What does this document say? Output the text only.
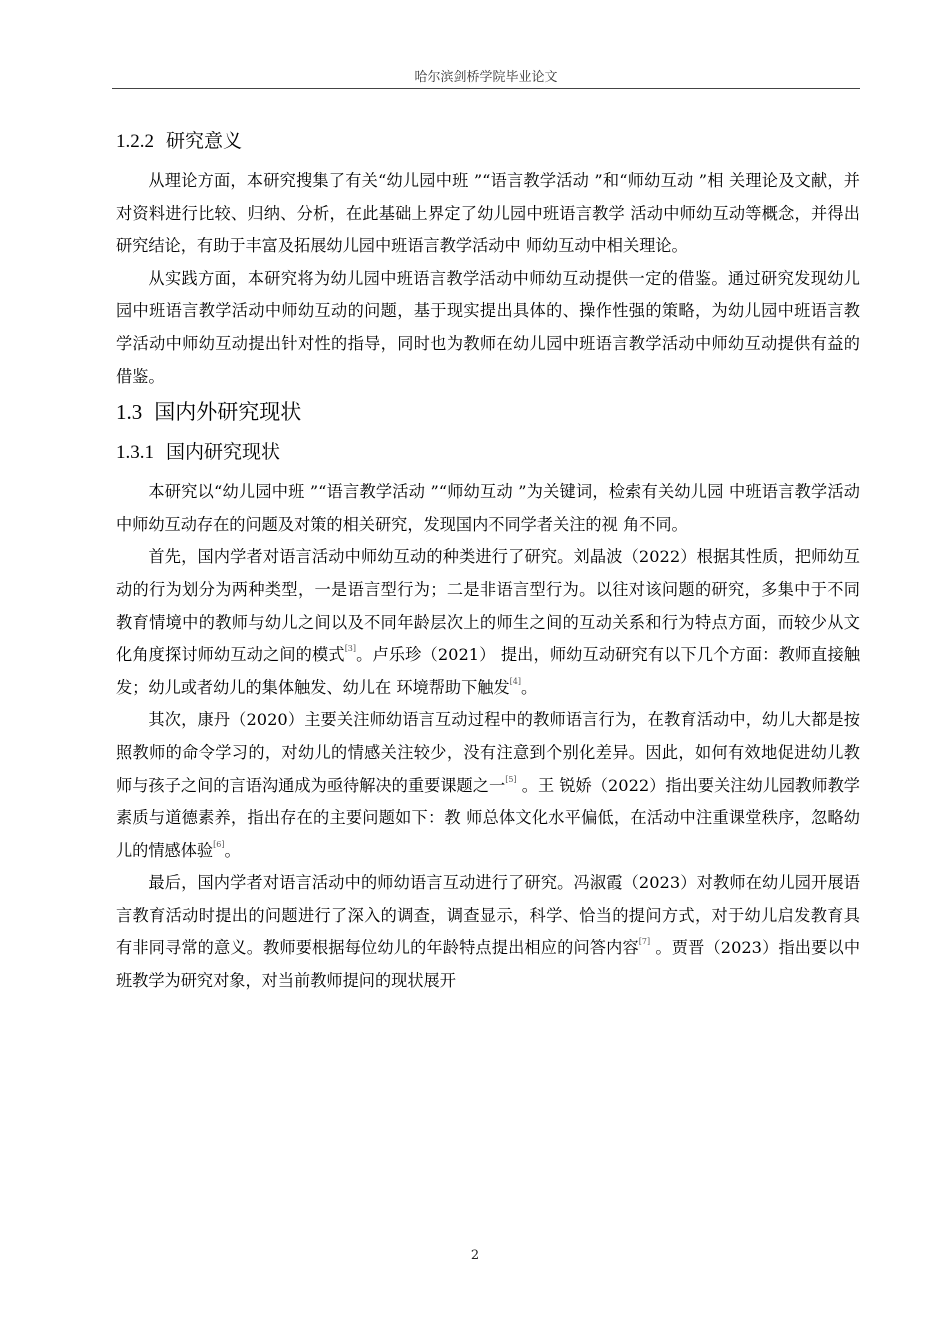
哈尔滨剑桥学院毕业论文
1.2.2 研究意义

从理论方面，本研究搜集了有关“幼儿园中班 ”“语言教学活动 ”和“师幼互动 ”相 关理论及文献，并对资料进行比较、归纳、分析，在此基础上界定了幼儿园中班语言教学 活动中师幼互动等概念，并得出研究结论，有助于丰富及拓展幼儿园中班语言教学活动中 师幼互动中相关理论。

从实践方面，本研究将为幼儿园中班语言教学活动中师幼互动提供一定的借鉴。通过研究发现幼儿园中班语言教学活动中师幼互动的问题，基于现实提出具体的、操作性强的策略，为幼儿园中班语言教学活动中师幼互动提出针对性的指导，同时也为教师在幼儿园中班语言教学活动中师幼互动提供有益的借鉴。

1.3 国内外研究现状
1.3.1 国内研究现状

本研究以“幼儿园中班 ”“语言教学活动 ”“师幼互动 ”为关键词，检索有关幼儿园 中班语言教学活动中师幼互动存在的问题及对策的相关研究，发现国内不同学者关注的视 角不同。

首先，国内学者对语言活动中师幼互动的种类进行了研究。刘晶波（2022）根据其性质，把师幼互动的行为划分为两种类型，一是语言型行为；二是非语言型行为。以往对该问题的研究，多集中于不同教育情境中的教师与幼儿之间以及不同年龄层次上的师生之间的互动关系和行为特点方面，而较少从文化角度探讨师幼互动之间的模式[3]。卢乐珍（2021） 提出，师幼互动研究有以下几个方面：教师直接触发；幼儿或者幼儿的集体触发、幼儿在 环境帮助下触发[4]。

其次，康丹（2020）主要关注师幼语言互动过程中的教师语言行为，在教育活动中，幼儿大都是按照教师的命令学习的，对幼儿的情感关注较少，没有注意到个别化差异。因此，如何有效地促进幼儿教师与孩子之间的言语沟通成为亟待解决的重要课题之一[5] 。王 锐娇（2022）指出要关注幼儿园教师教学素质与道德素养，指出存在的主要问题如下：教 师总体文化水平偏低，在活动中注重课堂秩序，忽略幼儿的情感体验[6]。

最后，国内学者对语言活动中的师幼语言互动进行了研究。冯淑霞（2023）对教师在幼儿园开展语言教育活动时提出的问题进行了深入的调查，调查显示，科学、恰当的提问方式，对于幼儿启发教育具有非同寻常的意义。教师要根据每位幼儿的年龄特点提出相应的问答内容[7] 。贾晋（2023）指出要以中班教学为研究对象，对当前教师提问的现状展开

2
